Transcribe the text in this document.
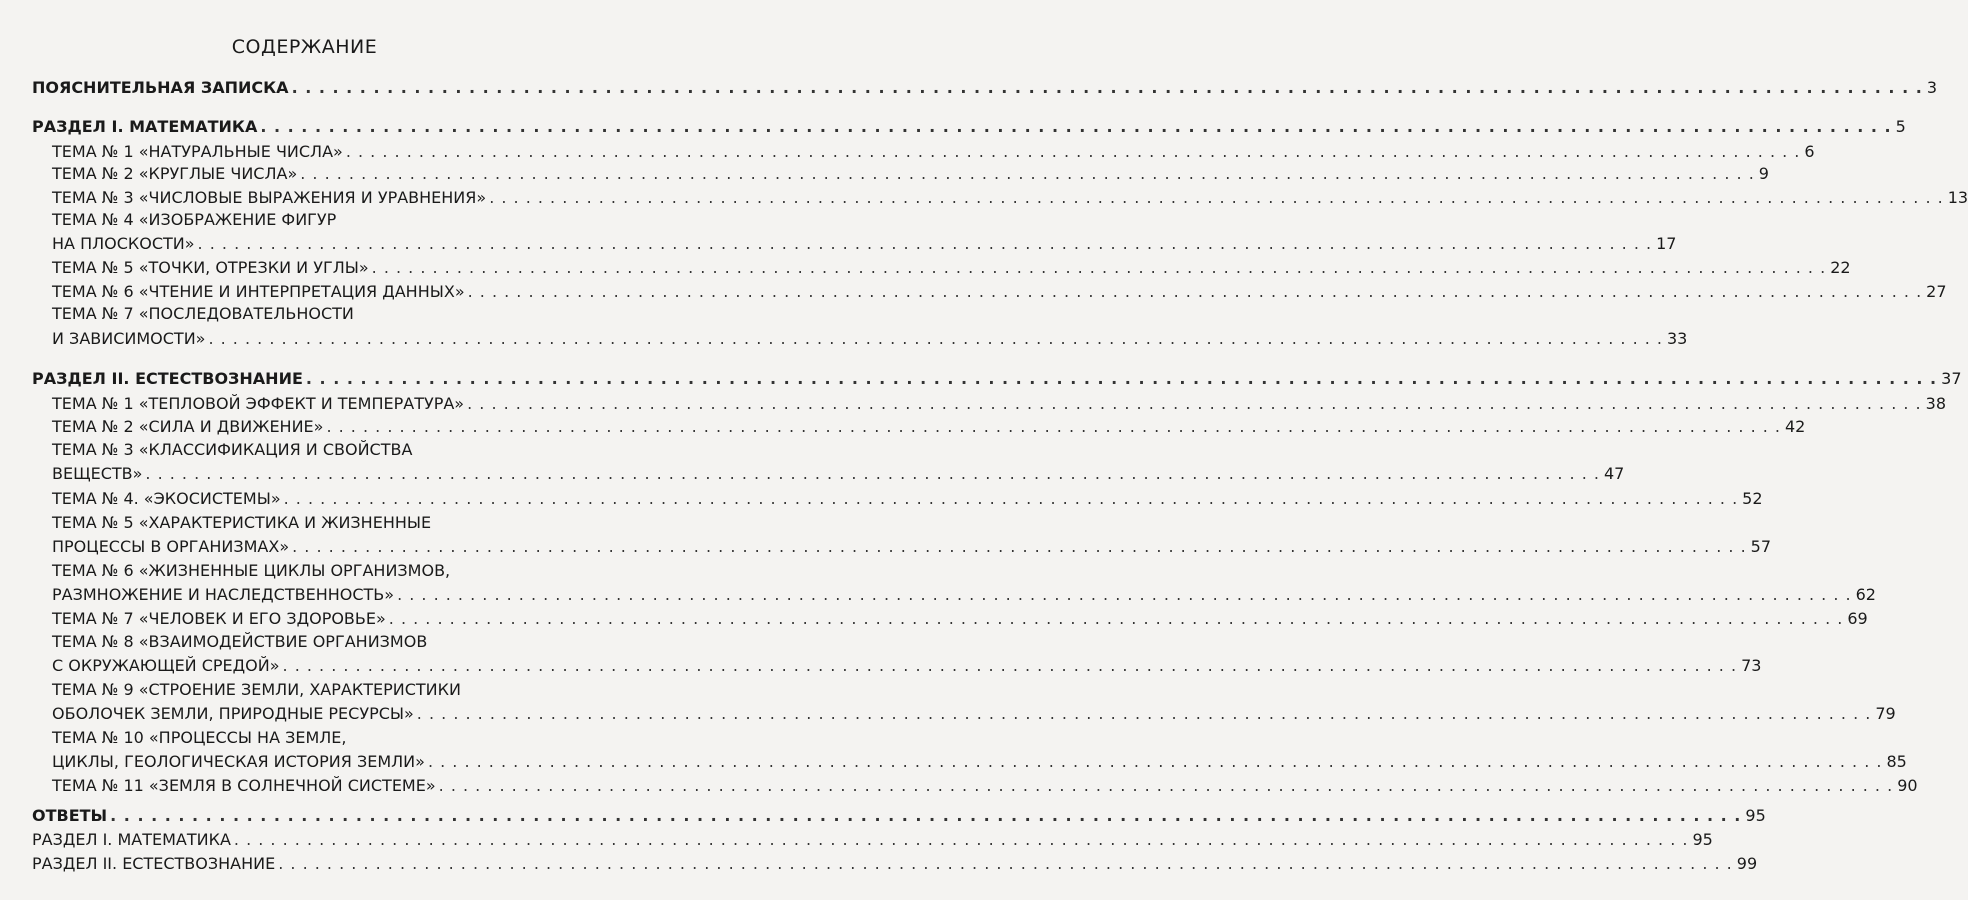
СОДЕРЖАНИЕ
ПОЯСНИТЕЛЬНАЯ ЗАПИСКА . . . . . . . . . . . . . . . . . . . . . . . . . . . . . . . . . . . . . . . . . . . . . . . . . . . . . . . . . . . . . . . . . . . . . . . . . . . . . . . . . . . . . . . . . . . . . . . . . . . . . . . . . . . . . . . . . . . . . . . . 3
РАЗДЕЛ I. МАТЕМАТИКА . . . . . . . . . . . . . . . . . . . . . . . . . . . . . . . . . . . . . . . . . . . . . . . . . . . . . . . . . . . . . . . . . . . . . . . . . . . . . . . . . . . . . . . . . . . . . . . . . . . . . . . . . . . . . . . . . . . . . . . . 5
ТЕМА № 1 «НАТУРАЛЬНЫЕ ЧИСЛА» . . . . . . . . . . . . . . . . . . . . . . . . . . . . . . . . . . . . . . . . . . . . . . . . . . . . . . . . . . . . . . . . . . . . . . . . . . . . . . . . . . . . . . . . . . . . . . . . . . . . . . . . . . . . . . . . . . . . . . . . 6
ТЕМА № 2 «КРУГЛЫЕ ЧИСЛА» . . . . . . . . . . . . . . . . . . . . . . . . . . . . . . . . . . . . . . . . . . . . . . . . . . . . . . . . . . . . . . . . . . . . . . . . . . . . . . . . . . . . . . . . . . . . . . . . . . . . . . . . . . . . . . . . . . . . . . . . 9
ТЕМА № 3 «ЧИСЛОВЫЕ ВЫРАЖЕНИЯ И УРАВНЕНИЯ» . . . . . . . . . . . . . . . . . . . . . . . . . . . . . . . . . . . . . . . . . . . . . . . . . . . . . . . . . . . . . . . . . . . . . . . . . . . . . . . . . . . . . . . . . . . . . . . . . . . . . . . . . . . . . . . . . . . . . . . . 13
ТЕМА № 4 «ИЗОБРАЖЕНИЕ ФИГУР
НА ПЛОСКОСТИ» . . . . . . . . . . . . . . . . . . . . . . . . . . . . . . . . . . . . . . . . . . . . . . . . . . . . . . . . . . . . . . . . . . . . . . . . . . . . . . . . . . . . . . . . . . . . . . . . . . . . . . . . . . . . . . . . . . . . . . . . 17
ТЕМА № 5 «ТОЧКИ, ОТРЕЗКИ И УГЛЫ» . . . . . . . . . . . . . . . . . . . . . . . . . . . . . . . . . . . . . . . . . . . . . . . . . . . . . . . . . . . . . . . . . . . . . . . . . . . . . . . . . . . . . . . . . . . . . . . . . . . . . . . . . . . . . . . . . . . . . . . . 22
ТЕМА № 6 «ЧТЕНИЕ И ИНТЕРПРЕТАЦИЯ ДАННЫХ» . . . . . . . . . . . . . . . . . . . . . . . . . . . . . . . . . . . . . . . . . . . . . . . . . . . . . . . . . . . . . . . . . . . . . . . . . . . . . . . . . . . . . . . . . . . . . . . . . . . . . . . . . . . . . . . . . . . . . . . . 27
ТЕМА № 7 «ПОСЛЕДОВАТЕЛЬНОСТИ
И ЗАВИСИМОСТИ» . . . . . . . . . . . . . . . . . . . . . . . . . . . . . . . . . . . . . . . . . . . . . . . . . . . . . . . . . . . . . . . . . . . . . . . . . . . . . . . . . . . . . . . . . . . . . . . . . . . . . . . . . . . . . . . . . . . . . . . . 33
РАЗДЕЛ II. ЕСТЕСТВОЗНАНИЕ . . . . . . . . . . . . . . . . . . . . . . . . . . . . . . . . . . . . . . . . . . . . . . . . . . . . . . . . . . . . . . . . . . . . . . . . . . . . . . . . . . . . . . . . . . . . . . . . . . . . . . . . . . . . . . . . . . . . . . . . 37
ТЕМА № 1 «ТЕПЛОВОЙ ЭФФЕКТ И ТЕМПЕРАТУРА» . . . . . . . . . . . . . . . . . . . . . . . . . . . . . . . . . . . . . . . . . . . . . . . . . . . . . . . . . . . . . . . . . . . . . . . . . . . . . . . . . . . . . . . . . . . . . . . . . . . . . . . . . . . . . . . . . . . . . . . . 38
ТЕМА № 2 «СИЛА И ДВИЖЕНИЕ» . . . . . . . . . . . . . . . . . . . . . . . . . . . . . . . . . . . . . . . . . . . . . . . . . . . . . . . . . . . . . . . . . . . . . . . . . . . . . . . . . . . . . . . . . . . . . . . . . . . . . . . . . . . . . . . . . . . . . . . . 42
ТЕМА № 3 «КЛАССИФИКАЦИЯ И СВОЙСТВА
ВЕЩЕСТВ» . . . . . . . . . . . . . . . . . . . . . . . . . . . . . . . . . . . . . . . . . . . . . . . . . . . . . . . . . . . . . . . . . . . . . . . . . . . . . . . . . . . . . . . . . . . . . . . . . . . . . . . . . . . . . . . . . . . . . . . . 47
ТЕМА № 4. «ЭКОСИСТЕМЫ» . . . . . . . . . . . . . . . . . . . . . . . . . . . . . . . . . . . . . . . . . . . . . . . . . . . . . . . . . . . . . . . . . . . . . . . . . . . . . . . . . . . . . . . . . . . . . . . . . . . . . . . . . . . . . . . . . . . . . . . . 52
ТЕМА № 5 «ХАРАКТЕРИСТИКА И ЖИЗНЕННЫЕ
ПРОЦЕССЫ В ОРГАНИЗМАХ» . . . . . . . . . . . . . . . . . . . . . . . . . . . . . . . . . . . . . . . . . . . . . . . . . . . . . . . . . . . . . . . . . . . . . . . . . . . . . . . . . . . . . . . . . . . . . . . . . . . . . . . . . . . . . . . . . . . . . . . . 57
ТЕМА № 6 «ЖИЗНЕННЫЕ ЦИКЛЫ ОРГАНИЗМОВ,
РАЗМНОЖЕНИЕ И НАСЛЕДСТВЕННОСТЬ» . . . . . . . . . . . . . . . . . . . . . . . . . . . . . . . . . . . . . . . . . . . . . . . . . . . . . . . . . . . . . . . . . . . . . . . . . . . . . . . . . . . . . . . . . . . . . . . . . . . . . . . . . . . . . . . . . . . . . . . . 62
ТЕМА № 7 «ЧЕЛОВЕК И ЕГО ЗДОРОВЬЕ» . . . . . . . . . . . . . . . . . . . . . . . . . . . . . . . . . . . . . . . . . . . . . . . . . . . . . . . . . . . . . . . . . . . . . . . . . . . . . . . . . . . . . . . . . . . . . . . . . . . . . . . . . . . . . . . . . . . . . . . . 69
ТЕМА № 8 «ВЗАИМОДЕЙСТВИЕ ОРГАНИЗМОВ
С ОКРУЖАЮЩЕЙ СРЕДОЙ» . . . . . . . . . . . . . . . . . . . . . . . . . . . . . . . . . . . . . . . . . . . . . . . . . . . . . . . . . . . . . . . . . . . . . . . . . . . . . . . . . . . . . . . . . . . . . . . . . . . . . . . . . . . . . . . . . . . . . . . . 73
ТЕМА № 9 «СТРОЕНИЕ ЗЕМЛИ, ХАРАКТЕРИСТИКИ
ОБОЛОЧЕК ЗЕМЛИ, ПРИРОДНЫЕ РЕСУРСЫ» . . . . . . . . . . . . . . . . . . . . . . . . . . . . . . . . . . . . . . . . . . . . . . . . . . . . . . . . . . . . . . . . . . . . . . . . . . . . . . . . . . . . . . . . . . . . . . . . . . . . . . . . . . . . . . . . . . . . . . . . 79
ТЕМА № 10 «ПРОЦЕССЫ НА ЗЕМЛЕ,
ЦИКЛЫ, ГЕОЛОГИЧЕСКАЯ ИСТОРИЯ ЗЕМЛИ» . . . . . . . . . . . . . . . . . . . . . . . . . . . . . . . . . . . . . . . . . . . . . . . . . . . . . . . . . . . . . . . . . . . . . . . . . . . . . . . . . . . . . . . . . . . . . . . . . . . . . . . . . . . . . . . . . . . . . . . . 85
ТЕМА № 11 «ЗЕМЛЯ В СОЛНЕЧНОЙ СИСТЕМЕ» . . . . . . . . . . . . . . . . . . . . . . . . . . . . . . . . . . . . . . . . . . . . . . . . . . . . . . . . . . . . . . . . . . . . . . . . . . . . . . . . . . . . . . . . . . . . . . . . . . . . . . . . . . . . . . . . . . . . . . . . 90
ОТВЕТЫ . . . . . . . . . . . . . . . . . . . . . . . . . . . . . . . . . . . . . . . . . . . . . . . . . . . . . . . . . . . . . . . . . . . . . . . . . . . . . . . . . . . . . . . . . . . . . . . . . . . . . . . . . . . . . . . . . . . . . . . . 95
РАЗДЕЛ I. МАТЕМАТИКА . . . . . . . . . . . . . . . . . . . . . . . . . . . . . . . . . . . . . . . . . . . . . . . . . . . . . . . . . . . . . . . . . . . . . . . . . . . . . . . . . . . . . . . . . . . . . . . . . . . . . . . . . . . . . . . . . . . . . . . . 95
РАЗДЕЛ II. ЕСТЕСТВОЗНАНИЕ . . . . . . . . . . . . . . . . . . . . . . . . . . . . . . . . . . . . . . . . . . . . . . . . . . . . . . . . . . . . . . . . . . . . . . . . . . . . . . . . . . . . . . . . . . . . . . . . . . . . . . . . . . . . . . . . . . . . . . . . 99
